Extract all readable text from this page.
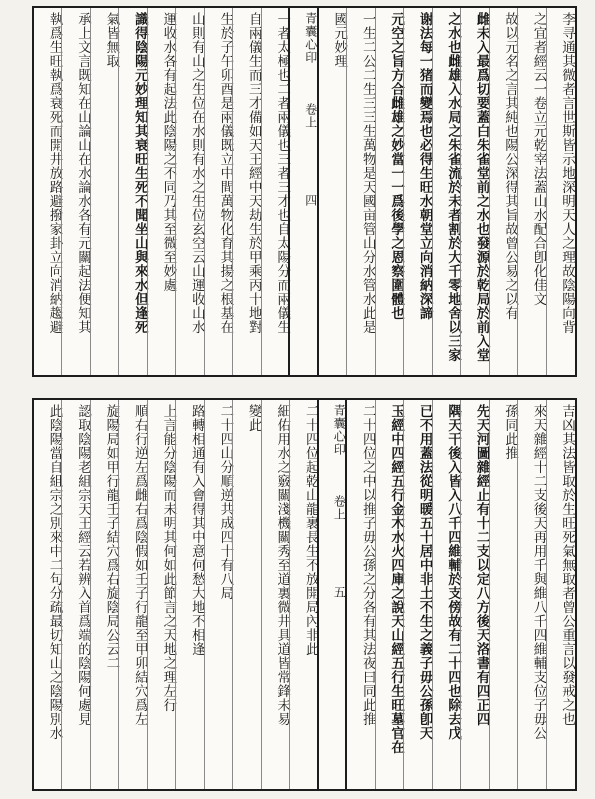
李寻通其微者言世斯皆示地深明天人之理故陰陽向背
之宜者經云一卷立元乾宰法蓋山水配合卽化佳文
故以元名之言其純也陽公深得其旨故曾公易之以有
雌未入最爲切要蓋白朱雀堂前之水也發源於乾局於前入堂
之水也雌雄入水局之朱雀流於未者割於大千零地舍以三家
谢法每一猪而變焉也必得生旺水朝堂立向消納深諦
元空之旨方合雌雄之妙當一一爲後學之恩察圍體也
一生二公二生三三生萬物是天國亩管山分水管水此是
國元妙理
青囊心印　　　卷上　　　　　四
一者太極也二者兩儀也三者三才也自太陽分而兩儀生
自兩儀生而三才備如天王經中天劫生於甲乘丙十地對
生於子午卯酉是兩儀既立中間萬物化育其揚之根基在
山則有山之生位在水則有水之生位玄空云山運收山水
運收水各有起法此陰陽之不同乃其至微至妙處
識得陰陽元妙理知其衰旺生死不聞坐山與來水但逢死
氣皆無取
承上文言既知在山論山在水論水各有元關起法便知其
執爲生旺執爲衰死而開井放路避撥家卦立向消納趨避
吉凶其法皆取於生旺死氣無取者曾公重言以發戒之也
來天雜經十二支後天再用千與維八千四維輔支位子毋公
孫同此推
先天河圖雜經止有十二支以定八方後天洛書有四正四
隅天干後入皆入八千四維輔於支傍故有二十四也除去戊
已不用蓋法從明暖五十居中非土不生之義子毋公孫卽天
玉經中四經五行金木水火四庫之說天山經五行生旺墓官在
二十四位之中以推子毋公孫之分各有其法夜曰同此推
青囊心印　　　卷上　　　　　五
二十四位起乾山龍裹長生不放開局內非此
細佑用水之竅關淺機關秀至道裏微井具道皆常鋒未易
變此
二十四山分順逆共成四十有八局
路轉相通有入會得其中意何愁大地不相逢
上言能分陰陽而未明其何如此節言之天地之理左行
順右行逆左爲雌右爲陰假如壬子行龍至甲卯結穴爲左
旋陽局如甲行龍壬子結穴爲右旋陰局公云二
認取陰陽老組宗天王經云若辨入首爲端的陰陽何處見
此陰陽當自組宗之別來中二句分疏最切知山之陰陽別水
